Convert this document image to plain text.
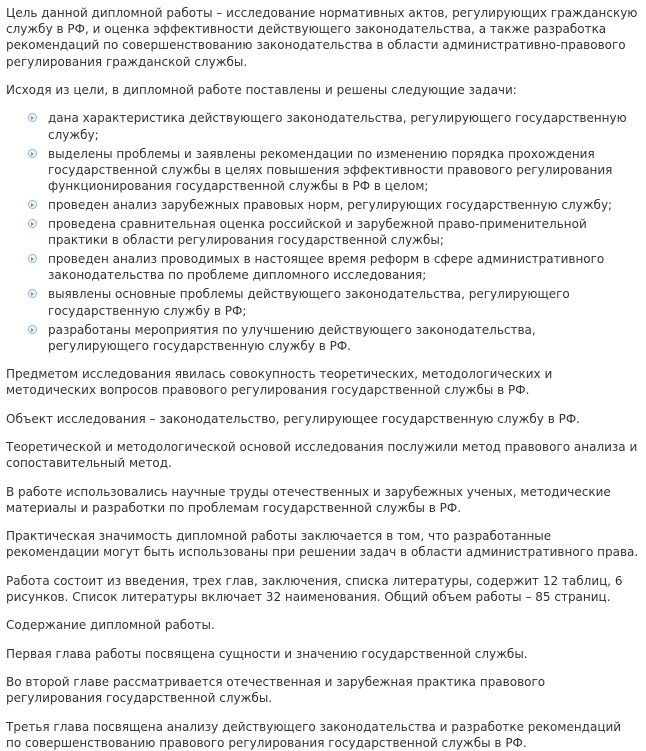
Цель данной дипломной работы – исследование нормативных актов, регулирующих гражданскую службу в РФ, и оценка эффективности действующего законодательства, а также разработка рекомендаций по совершенствованию законодательства в области административно-правового регулирования гражданской службы.

Исходя из цели, в дипломной работе поставлены и решены следующие задачи:

дана характеристика действующего законодательства, регулирующего государственную службу;
выделены проблемы и заявлены рекомендации по изменению порядка прохождения государственной службы в целях повышения эффективности правового регулирования функционирования государственной службы в РФ в целом;
проведен анализ зарубежных правовых норм, регулирующих государственную службу;
проведена сравнительная оценка российской и зарубежной право-применительной практики в области регулирования государственной службы;
проведен анализ проводимых в настоящее время реформ в сфере административного законодательства по проблеме дипломного исследования;
выявлены основные проблемы действующего законодательства, регулирующего государственную службу в РФ;
разработаны мероприятия по улучшению действующего законодательства, регулирующего государственную службу в РФ.

Предметом исследования явилась совокупность теоретических, методологических и методических вопросов правового регулирования государственной службы в РФ.

Объект исследования – законодательство, регулирующее государственную службу в РФ.

Теоретической и методологической основой исследования послужили метод правового анализа и сопоставительный метод.

В работе использовались научные труды отечественных и зарубежных ученых, методические материалы и разработки по проблемам государственной службы в РФ.

Практическая значимость дипломной работы заключается в том, что разработанные рекомендации могут быть использованы при решении задач в области административного права.

Работа состоит из введения, трех глав, заключения, списка литературы, содержит 12 таблиц, 6 рисунков. Список литературы включает 32 наименования. Общий объем работы – 85 страниц.

Содержание дипломной работы.

Первая глава работы посвящена сущности и значению государственной службы.

Во второй главе рассматривается отечественная и зарубежная практика правового регулирования государственной службы.

Третья глава посвящена анализу действующего законодательства и разработке рекомендаций по совершенствованию правового регулирования государственной службы в РФ.
